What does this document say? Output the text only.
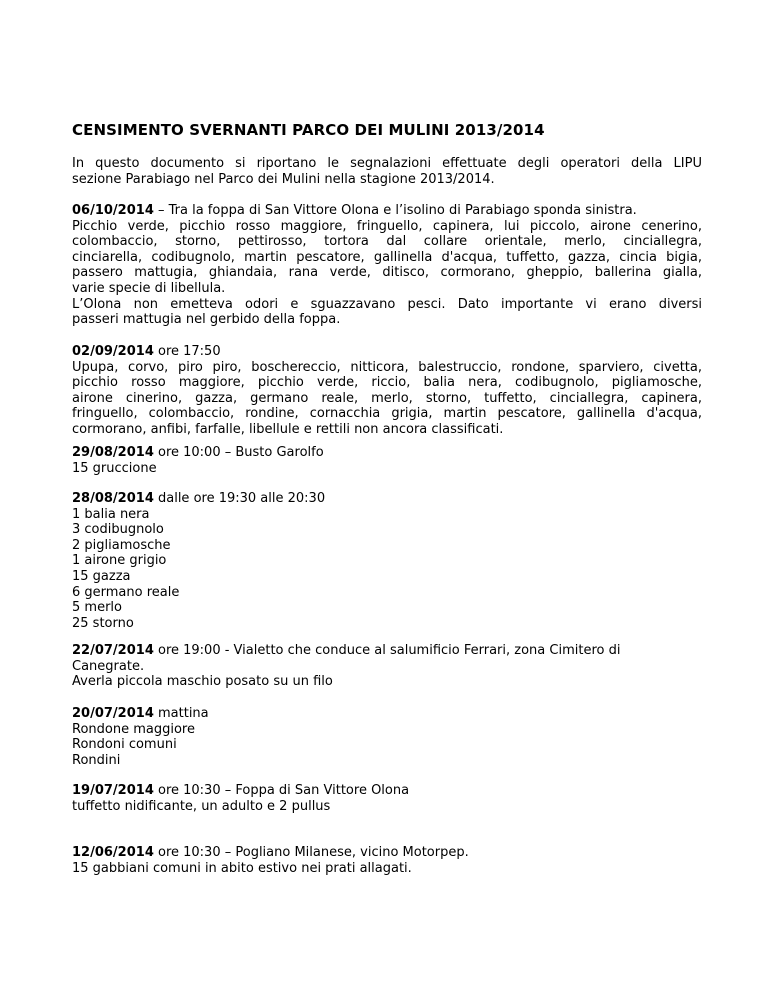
CENSIMENTO SVERNANTI PARCO DEI MULINI 2013/2014
In questo documento si riportano le segnalazioni effettuate degli operatori della LIPU
sezione Parabiago nel Parco dei Mulini nella stagione 2013/2014.
06/10/2014 – Tra la foppa di San Vittore Olona e l’isolino di Parabiago sponda sinistra.
Picchio verde, picchio rosso maggiore, fringuello, capinera, lui piccolo, airone cenerino,
colombaccio, storno, pettirosso, tortora dal collare orientale, merlo, cinciallegra,
cinciarella, codibugnolo, martin pescatore, gallinella d'acqua, tuffetto, gazza, cincia bigia,
passero mattugia, ghiandaia, rana verde, ditisco, cormorano, gheppio, ballerina gialla,
varie specie di libellula.
L’Olona non emetteva odori e sguazzavano pesci. Dato importante vi erano diversi
passeri mattugia nel gerbido della foppa.
02/09/2014 ore 17:50
Upupa, corvo, piro piro, boschereccio, nitticora, balestruccio, rondone, sparviero, civetta,
picchio rosso maggiore, picchio verde, riccio, balia nera, codibugnolo, pigliamosche,
airone cinerino, gazza, germano reale, merlo, storno, tuffetto, cinciallegra, capinera,
fringuello, colombaccio, rondine, cornacchia grigia, martin pescatore, gallinella d'acqua,
cormorano, anfibi, farfalle, libellule e rettili non ancora classificati.
29/08/2014 ore 10:00 – Busto Garolfo
15 gruccione
28/08/2014 dalle ore 19:30 alle 20:30
1 balia nera
3 codibugnolo
2 pigliamosche
1 airone grigio
15 gazza
6 germano reale
5 merlo
25 storno
22/07/2014 ore 19:00 - Vialetto che conduce al salumificio Ferrari, zona Cimitero di
Canegrate.
Averla piccola maschio posato su un filo
20/07/2014 mattina
Rondone maggiore
Rondoni comuni
Rondini
19/07/2014 ore 10:30 – Foppa di San Vittore Olona
tuffetto nidificante, un adulto e 2 pullus
12/06/2014 ore 10:30 – Pogliano Milanese, vicino Motorpep.
15 gabbiani comuni in abito estivo nei prati allagati.
